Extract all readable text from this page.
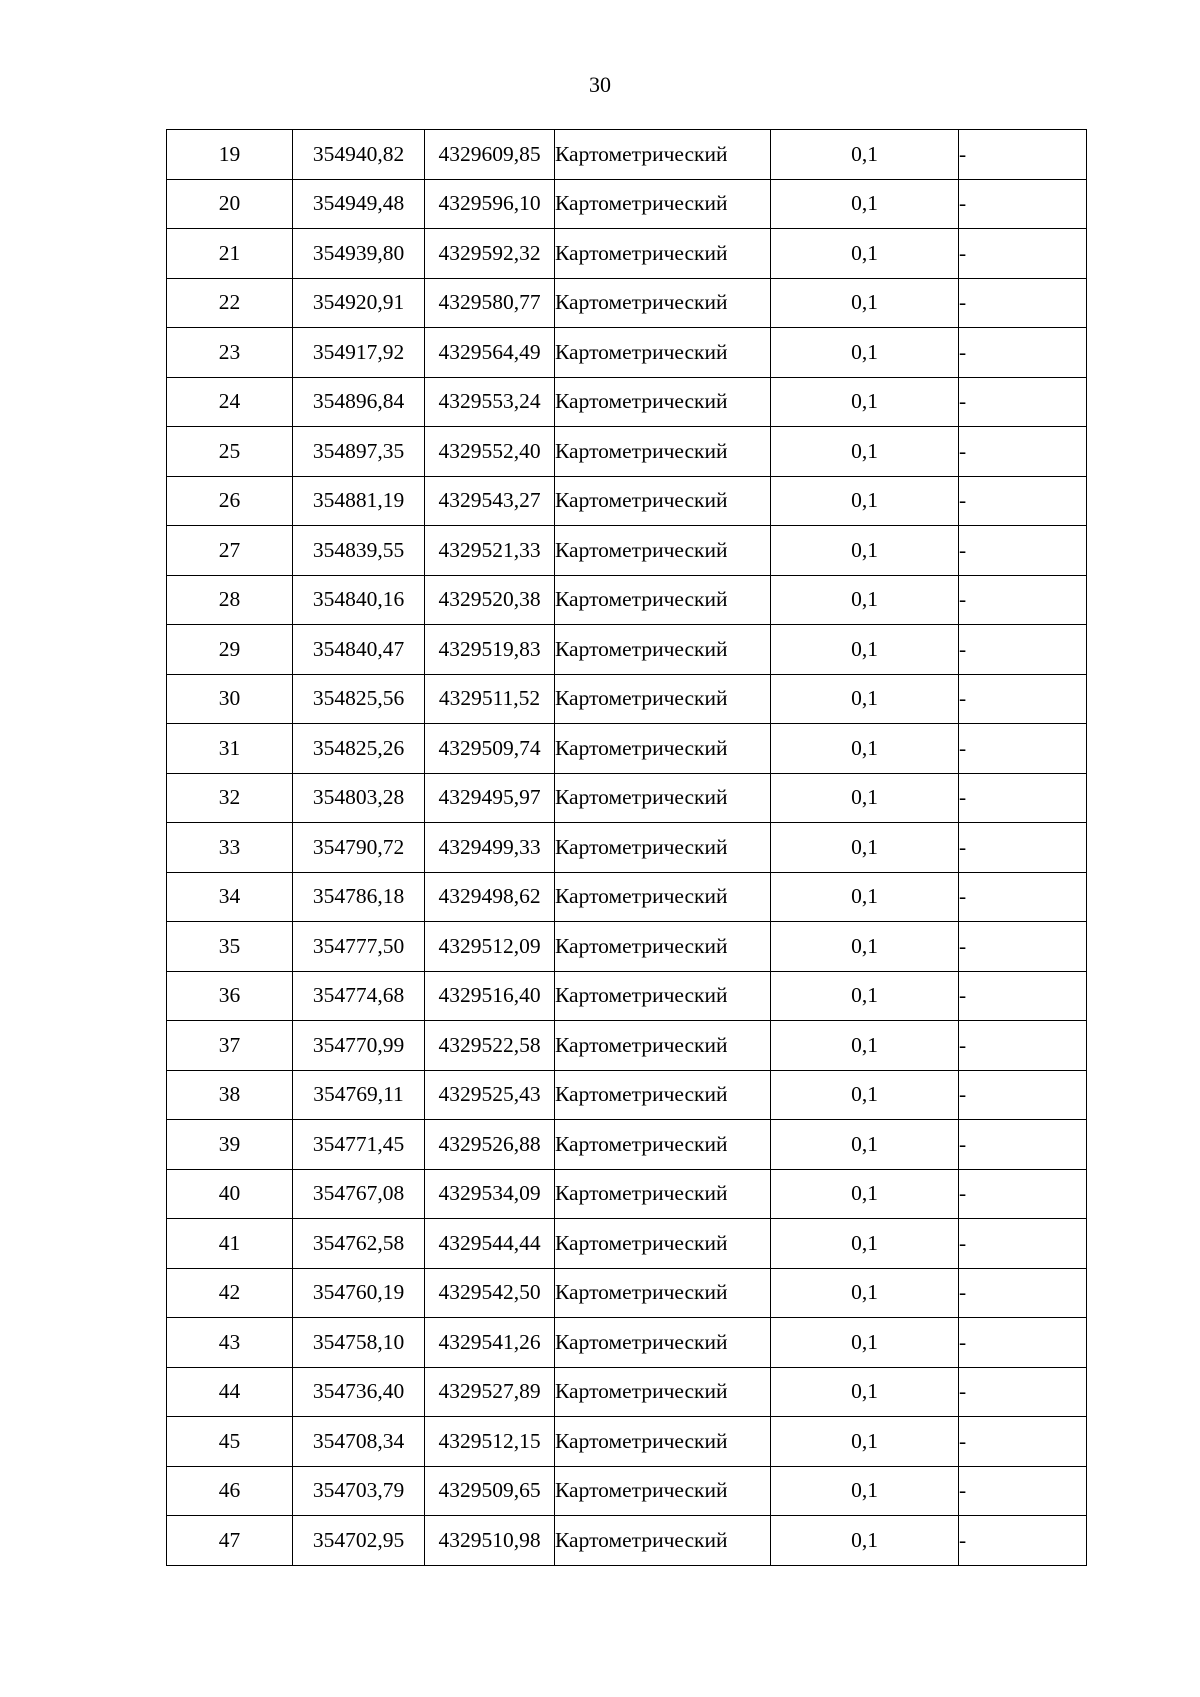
30
19	354940,82	4329609,85	Картометрический	0,1	-
20	354949,48	4329596,10	Картометрический	0,1	-
21	354939,80	4329592,32	Картометрический	0,1	-
22	354920,91	4329580,77	Картометрический	0,1	-
23	354917,92	4329564,49	Картометрический	0,1	-
24	354896,84	4329553,24	Картометрический	0,1	-
25	354897,35	4329552,40	Картометрический	0,1	-
26	354881,19	4329543,27	Картометрический	0,1	-
27	354839,55	4329521,33	Картометрический	0,1	-
28	354840,16	4329520,38	Картометрический	0,1	-
29	354840,47	4329519,83	Картометрический	0,1	-
30	354825,56	4329511,52	Картометрический	0,1	-
31	354825,26	4329509,74	Картометрический	0,1	-
32	354803,28	4329495,97	Картометрический	0,1	-
33	354790,72	4329499,33	Картометрический	0,1	-
34	354786,18	4329498,62	Картометрический	0,1	-
35	354777,50	4329512,09	Картометрический	0,1	-
36	354774,68	4329516,40	Картометрический	0,1	-
37	354770,99	4329522,58	Картометрический	0,1	-
38	354769,11	4329525,43	Картометрический	0,1	-
39	354771,45	4329526,88	Картометрический	0,1	-
40	354767,08	4329534,09	Картометрический	0,1	-
41	354762,58	4329544,44	Картометрический	0,1	-
42	354760,19	4329542,50	Картометрический	0,1	-
43	354758,10	4329541,26	Картометрический	0,1	-
44	354736,40	4329527,89	Картометрический	0,1	-
45	354708,34	4329512,15	Картометрический	0,1	-
46	354703,79	4329509,65	Картометрический	0,1	-
47	354702,95	4329510,98	Картометрический	0,1	-
